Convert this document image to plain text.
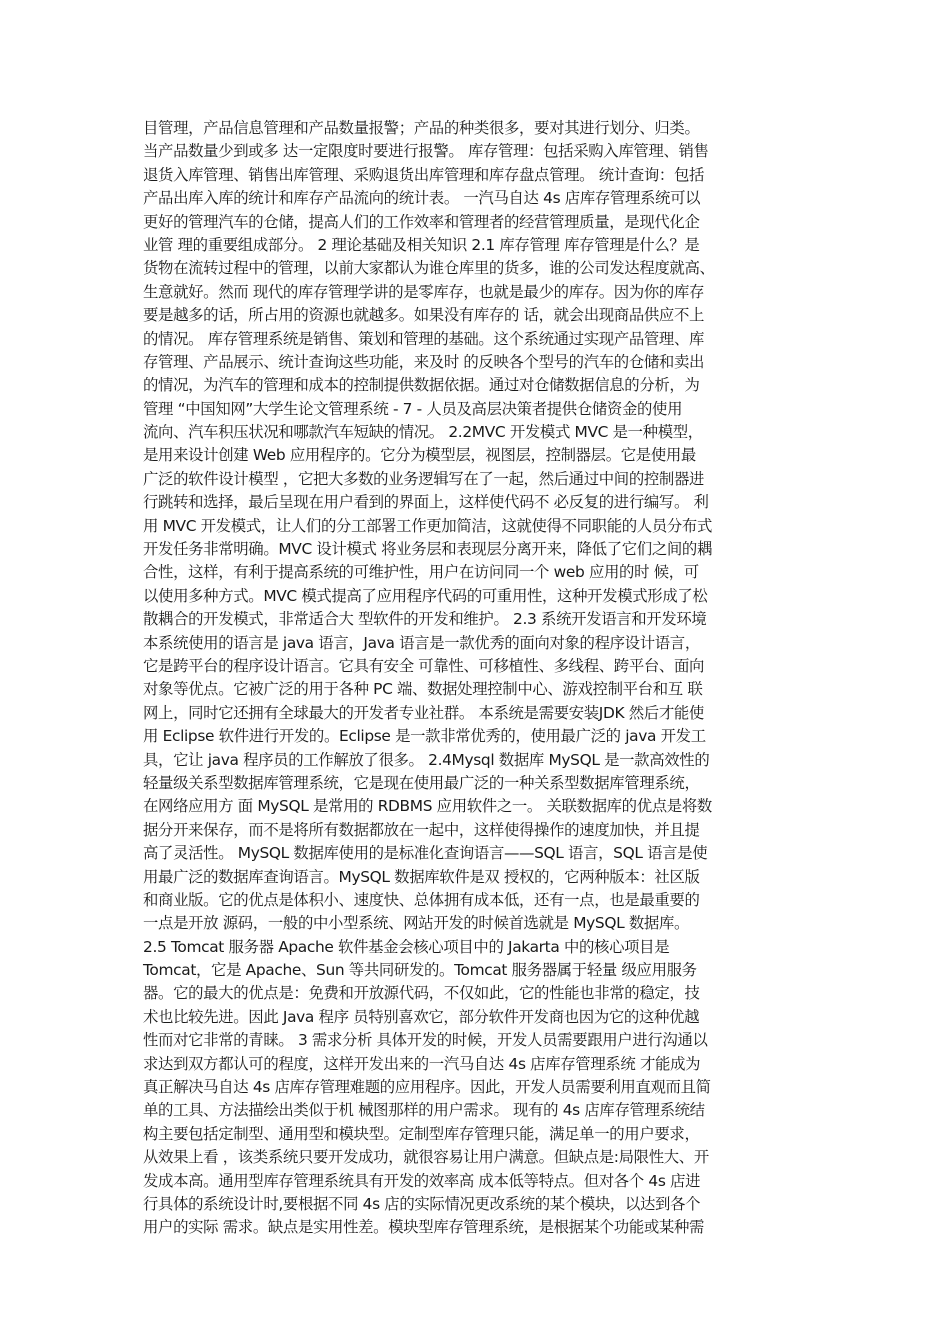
目管理，产品信息管理和产品数量报警；产品的种类很多，要对其进行划分、归类。
当产品数量少到或多 达一定限度时要进行报警。 库存管理：包括采购入库管理、销售
退货入库管理、销售出库管理、采购退货出库管理和库存盘点管理。 统计查询：包括
产品出库入库的统计和库存产品流向的统计表。 一汽马自达 4s 店库存管理系统可以
更好的管理汽车的仓储，提高人们的工作效率和管理者的经营管理质量，是现代化企
业管 理的重要组成部分。 2 理论基础及相关知识 2.1 库存管理 库存管理是什么？是
货物在流转过程中的管理，以前大家都认为谁仓库里的货多，谁的公司发达程度就高、
生意就好。然而 现代的库存管理学讲的是零库存，也就是最少的库存。因为你的库存
要是越多的话，所占用的资源也就越多。如果没有库存的 话，就会出现商品供应不上
的情况。 库存管理系统是销售、策划和管理的基础。这个系统通过实现产品管理、库
存管理、产品展示、统计查询这些功能，来及时 的反映各个型号的汽车的仓储和卖出
的情况，为汽车的管理和成本的控制提供数据依据。通过对仓储数据信息的分析，为
管理 “中国知网”大学生论文管理系统 - 7 - 人员及高层决策者提供仓储资金的使用
流向、汽车积压状况和哪款汽车短缺的情况。 2.2MVC 开发模式 MVC 是一种模型，
是用来设计创建 Web 应用程序的。它分为模型层，视图层，控制器层。它是使用最
广泛的软件设计模型 ，它把大多数的业务逻辑写在了一起，然后通过中间的控制器进
行跳转和选择，最后呈现在用户看到的界面上，这样使代码不 必反复的进行编写。 利
用 MVC 开发模式，让人们的分工部署工作更加简洁，这就使得不同职能的人员分布式
开发任务非常明确。MVC 设计模式 将业务层和表现层分离开来，降低了它们之间的耦
合性，这样，有利于提高系统的可维护性，用户在访问同一个 web 应用的时 候，可
以使用多种方式。MVC 模式提高了应用程序代码的可重用性，这种开发模式形成了松
散耦合的开发模式，非常适合大 型软件的开发和维护。 2.3 系统开发语言和开发环境
本系统使用的语言是 java 语言，Java 语言是一款优秀的面向对象的程序设计语言，
它是跨平台的程序设计语言。它具有安全 可靠性、可移植性、多线程、跨平台、面向
对象等优点。它被广泛的用于各种 PC 端、数据处理控制中心、游戏控制平台和互 联
网上，同时它还拥有全球最大的开发者专业社群。 本系统是需要安装JDK 然后才能使
用 Eclipse 软件进行开发的。Eclipse 是一款非常优秀的，使用最广泛的 java 开发工
具，它让 java 程序员的工作解放了很多。 2.4Mysql 数据库 MySQL 是一款高效性的
轻量级关系型数据库管理系统，它是现在使用最广泛的一种关系型数据库管理系统，
在网络应用方 面 MySQL 是常用的 RDBMS 应用软件之一。 关联数据库的优点是将数
据分开来保存，而不是将所有数据都放在一起中，这样使得操作的速度加快，并且提
高了灵活性。 MySQL 数据库使用的是标准化查询语言——SQL 语言，SQL 语言是使
用最广泛的数据库查询语言。MySQL 数据库软件是双 授权的，它两种版本：社区版
和商业版。它的优点是体积小、速度快、总体拥有成本低，还有一点，也是最重要的
一点是开放 源码，一般的中小型系统、网站开发的时候首选就是 MySQL 数据库。
2.5 Tomcat 服务器 Apache 软件基金会核心项目中的 Jakarta 中的核心项目是
Tomcat，它是 Apache、Sun 等共同研发的。Tomcat 服务器属于轻量 级应用服务
器。它的最大的优点是：免费和开放源代码，不仅如此，它的性能也非常的稳定，技
术也比较先进。因此 Java 程序 员特别喜欢它，部分软件开发商也因为它的这种优越
性而对它非常的青睐。 3 需求分析 具体开发的时候，开发人员需要跟用户进行沟通以
求达到双方都认可的程度，这样开发出来的一汽马自达 4s 店库存管理系统 才能成为
真正解决马自达 4s 店库存管理难题的应用程序。因此，开发人员需要利用直观而且简
单的工具、方法描绘出类似于机 械图那样的用户需求。 现有的 4s 店库存管理系统结
构主要包括定制型、通用型和模块型。定制型库存管理只能，满足单一的用户要求，
从效果上看 ，该类系统只要开发成功，就很容易让用户满意。但缺点是:局限性大、开
发成本高。通用型库存管理系统具有开发的效率高 成本低等特点。但对各个 4s 店进
行具体的系统设计时,要根据不同 4s 店的实际情况更改系统的某个模块，以达到各个
用户的实际 需求。缺点是实用性差。模块型库存管理系统，是根据某个功能或某种需
